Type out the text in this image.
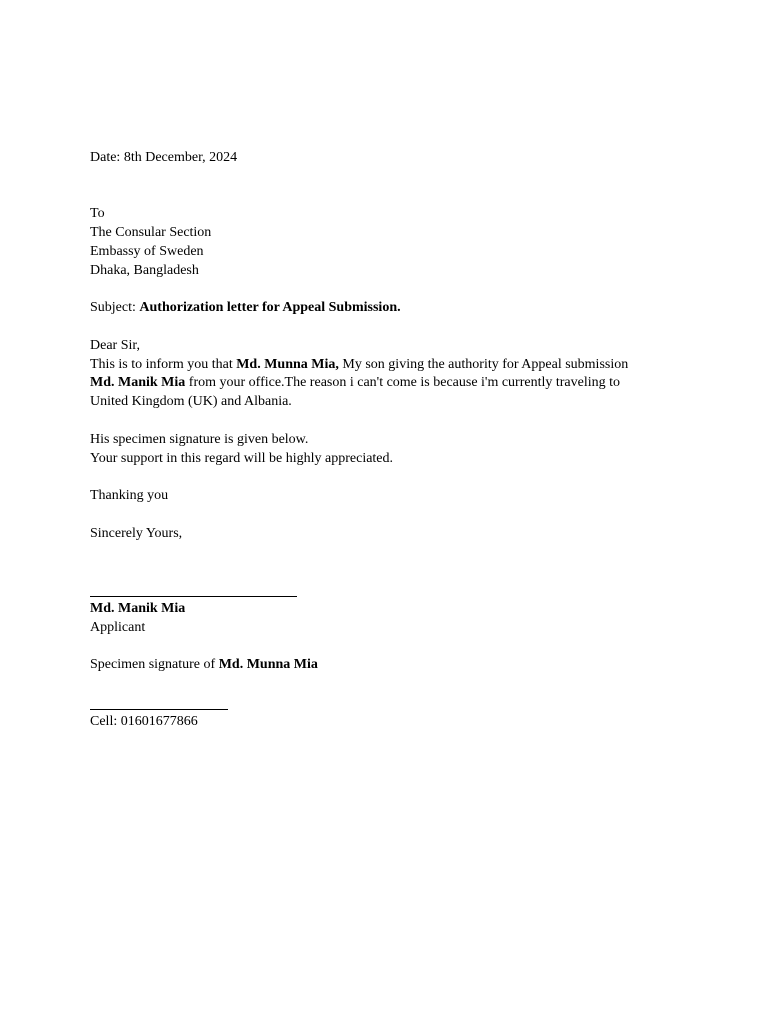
Date: 8th December, 2024
To
The Consular Section
Embassy of Sweden
Dhaka, Bangladesh
Subject: Authorization letter for Appeal Submission.
Dear Sir,
This is to inform you that Md. Munna Mia, My son giving the authority for Appeal submission
Md. Manik Mia from your office.The reason i can't come is because i'm currently traveling to
United Kingdom (UK) and Albania.
His specimen signature is given below.
Your support in this regard will be highly appreciated.
Thanking you
Sincerely Yours,
Md. Manik Mia
Applicant
Specimen signature of Md. Munna Mia
Cell: 01601677866
